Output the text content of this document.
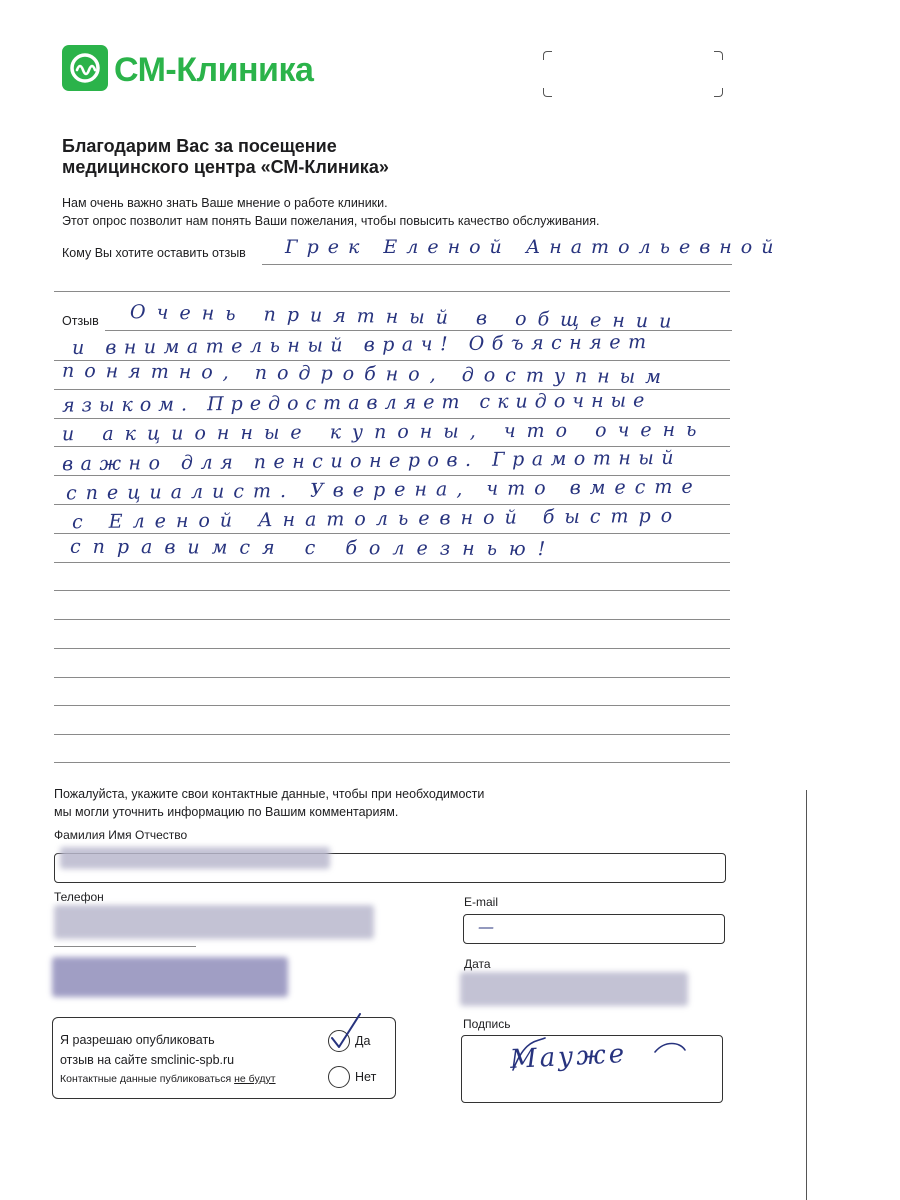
СМ-Клиника
Благодарим Вас за посещение
медицинского центра «СМ-Клиника»
Нам очень важно знать Ваше мнение о работе клиники.
Этот опрос позволит нам понять Ваши пожелания, чтобы повысить качество обслуживания.
Кому Вы хотите оставить отзыв Грек Еленой Анатольевной
Отзыв Очень приятный в общении
и внимательный врач! Объясняет
понятно, подробно, доступным
языком. Предоставляет скидочные
и акционные купоны, что очень
важно для пенсионеров. Грамотный
специалист. Уверена, что вместе
с Еленой Анатольевной быстро
справимся с болезнью!
Пожалуйста, укажите свои контактные данные, чтобы при необходимости
мы могли уточнить информацию по Вашим комментариям.
Фамилия Имя Отчество
Телефон	E-mail
—
Дата
Я разрешаю опубликовать
отзыв на сайте smclinic-spb.ru
Контактные данные публиковаться не будут
Да
Нет
Подпись
Мауже
